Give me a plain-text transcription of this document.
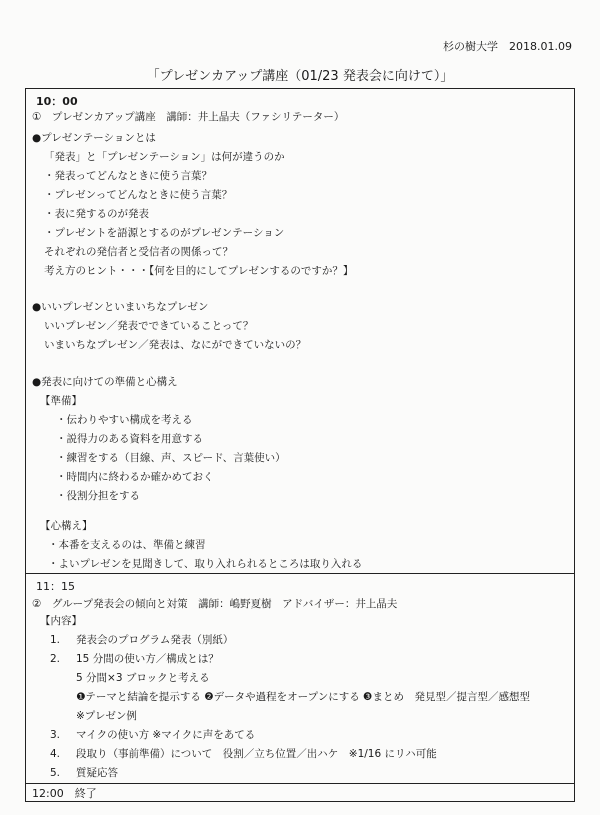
杉の樹大学　2018.01.09
「プレゼンカアップ講座（01/23 発表会に向けて）」
10：00
①　プレゼンカアップ講座　講師：井上晶夫（ファシリテーター）
●プレゼンテーションとは
「発表」と「プレゼンテーション」は何が違うのか
・発表ってどんなときに使う言葉？
・プレゼンってどんなときに使う言葉？
・表に発するのが発表
・プレゼントを語源とするのがプレゼンテーション
それぞれの発信者と受信者の関係って？
考え方のヒント・・・【何を目的にしてプレゼンするのですか？】
●いいプレゼンといまいちなプレゼン
いいプレゼン／発表でできていることって？
いまいちなプレゼン／発表は、なにができていないの？
●発表に向けての準備と心構え
【準備】
・伝わりやすい構成を考える
・説得力のある資料を用意する
・練習をする（目線、声、スピード、言葉使い）
・時間内に終わるか確かめておく
・役割分担をする
【心構え】
・本番を支えるのは、準備と練習
・よいプレゼンを見聞きして、取り入れられるところは取り入れる
11：15
②　グループ発表会の傾向と対策　講師：嶋野夏樹　アドバイザー：井上晶夫
【内容】
1. 発表会のプログラム発表（別紙）
2. 15 分間の使い方／構成とは？
5 分間×3 ブロックと考える
❶テーマと結論を提示する ❷データや過程をオープンにする ❸まとめ　発見型／提言型／感想型
※プレゼン例
3. マイクの使い方 ※マイクに声をあてる
4. 段取り（事前準備）について　役割／立ち位置／出ハケ　※1/16 にリハ可能
5. 質疑応答
12:00　終了
